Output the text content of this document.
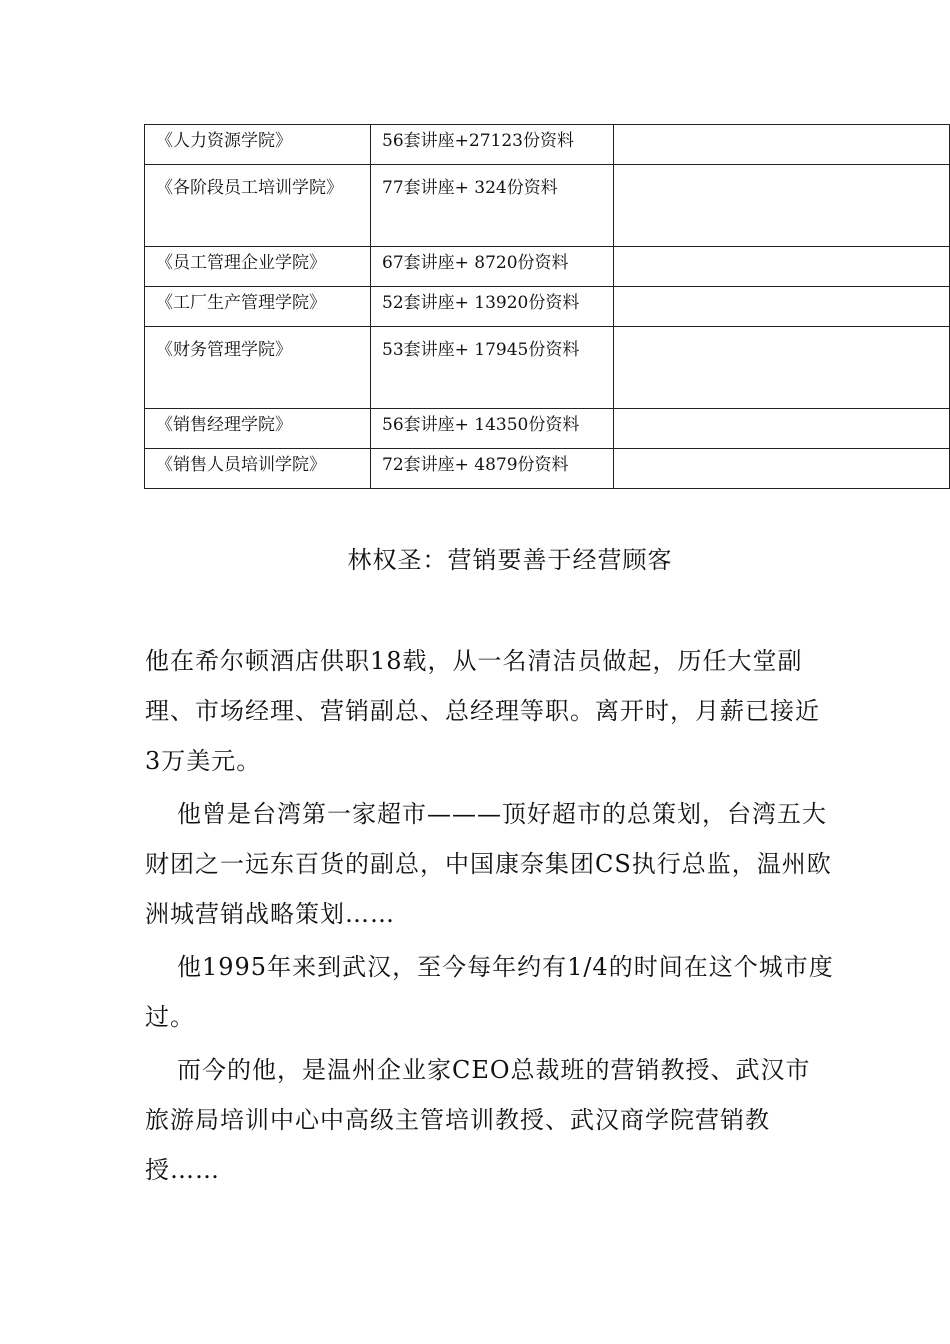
《人力资源学院》	56套讲座+27123份资料	
《各阶段员工培训学院》	77套讲座+ 324份资料	
《员工管理企业学院》	67套讲座+ 8720份资料	
《工厂生产管理学院》	52套讲座+ 13920份资料	
《财务管理学院》	53套讲座+ 17945份资料	
《销售经理学院》	56套讲座+ 14350份资料	
《销售人员培训学院》	72套讲座+ 4879份资料	
林权圣：营销要善于经营顾客

他在希尔顿酒店供职18载，从一名清洁员做起，历任大堂副理、市场经理、营销副总、总经理等职。离开时，月薪已接近3万美元。

他曾是台湾第一家超市———顶好超市的总策划，台湾五大财团之一远东百货的副总，中国康奈集团CS执行总监，温州欧洲城营销战略策划……

他1995年来到武汉，至今每年约有1/4的时间在这个城市度过。

而今的他，是温州企业家CEO总裁班的营销教授、武汉市旅游局培训中心中高级主管培训教授、武汉商学院营销教授……
